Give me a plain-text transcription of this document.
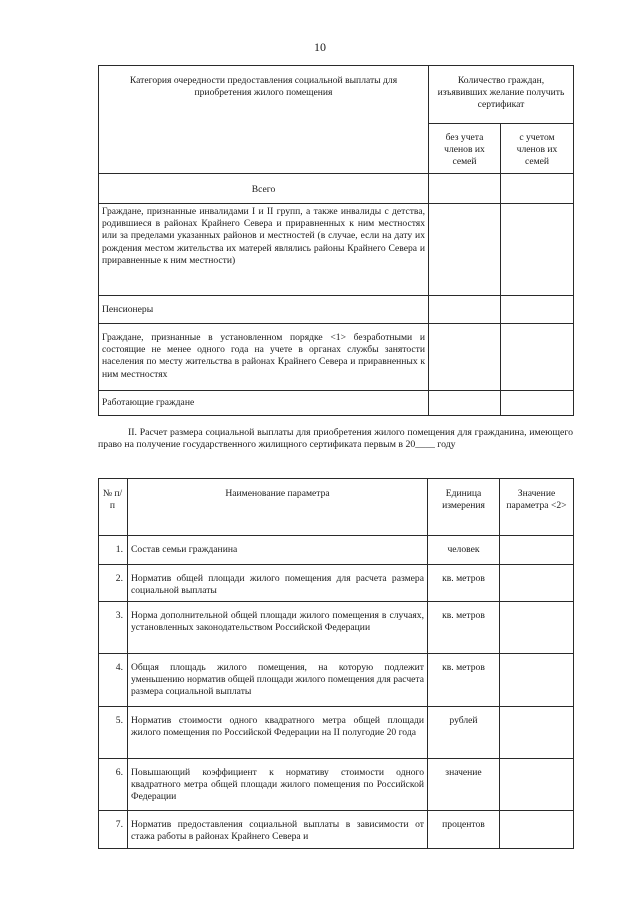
10
Категория очередности предоставления социальной выплаты для приобретения жилого помещения	Количество граждан, изъявивших желание получить сертификат	
	без учета членов их семей	с учетом членов их семей
Всего		
Граждане, признанные инвалидами I и II групп, а также инвалиды с детства, родившиеся в районах Крайнего Севера и приравненных к ним местностях или за пределами указанных районов и местностей (в случае, если на дату их рождения местом жительства их матерей являлись районы Крайнего Севера и приравненные к ним местности)		
Пенсионеры		
Граждане, признанные в установленном порядке <1> безработными и состоящие не менее одного года на учете в органах службы занятости населения по месту жительства в районах Крайнего Севера и приравненных к ним местностях		
Работающие граждане		
II. Расчет размера социальной выплаты для приобретения жилого помещения для гражданина, имеющего право на получение государственного жилищного сертификата первым в 20____ году
№ п/п	Наименование параметра	Единица измерения	Значение параметра <2>
1.	Состав семьи гражданина	человек	
2.	Норматив общей площади жилого помещения для расчета размера социальной выплаты	кв. метров	
3.	Норма дополнительной общей площади жилого помещения в случаях, установленных законодательством Российской Федерации	кв. метров	
4.	Общая площадь жилого помещения, на которую подлежит уменьшению норматив общей площади жилого помещения для расчета размера социальной выплаты	кв. метров	
5.	Норматив стоимости одного квадратного метра общей площади жилого помещения по Российской Федерации на II полугодие 20 года	рублей	
6.	Повышающий коэффициент к нормативу стоимости одного квадратного метра общей площади жилого помещения по Российской Федерации	значение	
7.	Норматив предоставления социальной выплаты в зависимости от стажа работы в районах Крайнего Севера и	процентов	
